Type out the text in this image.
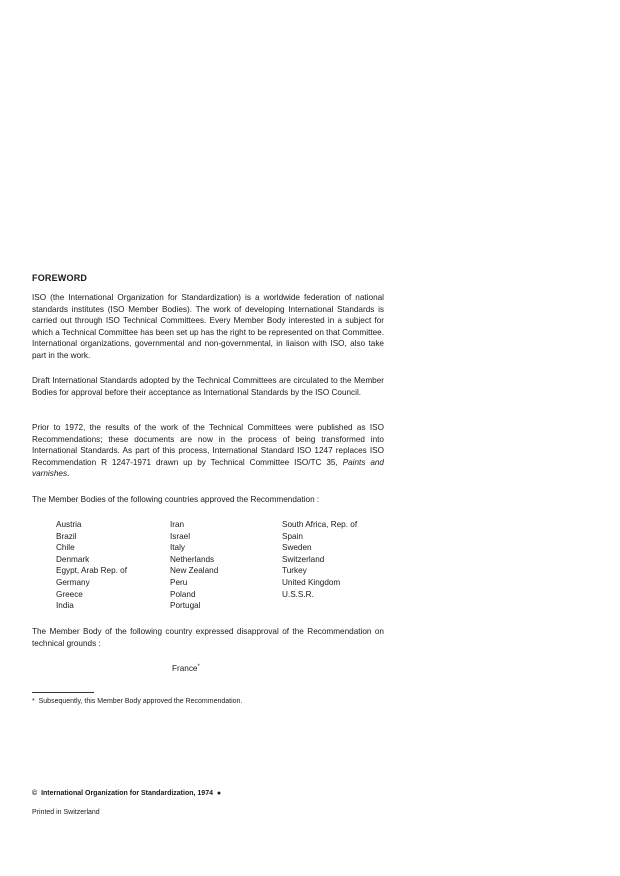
FOREWORD

ISO (the International Organization for Standardization) is a worldwide federation of national standards institutes (ISO Member Bodies). The work of developing International Standards is carried out through ISO Technical Committees. Every Member Body interested in a subject for which a Technical Committee has been set up has the right to be represented on that Committee. International organizations, governmental and non-governmental, in liaison with ISO, also take part in the work.

Draft International Standards adopted by the Technical Committees are circulated to the Member Bodies for approval before their acceptance as International Standards by the ISO Council.

Prior to 1972, the results of the work of the Technical Committees were published as ISO Recommendations; these documents are now in the process of being transformed into International Standards. As part of this process, International Standard ISO 1247 replaces ISO Recommendation R 1247-1971 drawn up by Technical Committee ISO/TC 35, Paints and varnishes.

The Member Bodies of the following countries approved the Recommendation :

Austria
Brazil
Chile
Denmark
Egypt, Arab Rep. of
Germany
Greece
India
Iran
Israel
Italy
Netherlands
New Zealand
Peru
Poland
Portugal
South Africa, Rep. of
Spain
Sweden
Switzerland
Turkey
United Kingdom
U.S.S.R.

The Member Body of the following country expressed disapproval of the Recommendation on technical grounds :

France*
* Subsequently, this Member Body approved the Recommendation.
© International Organization for Standardization, 1974 ●
Printed in Switzerland
